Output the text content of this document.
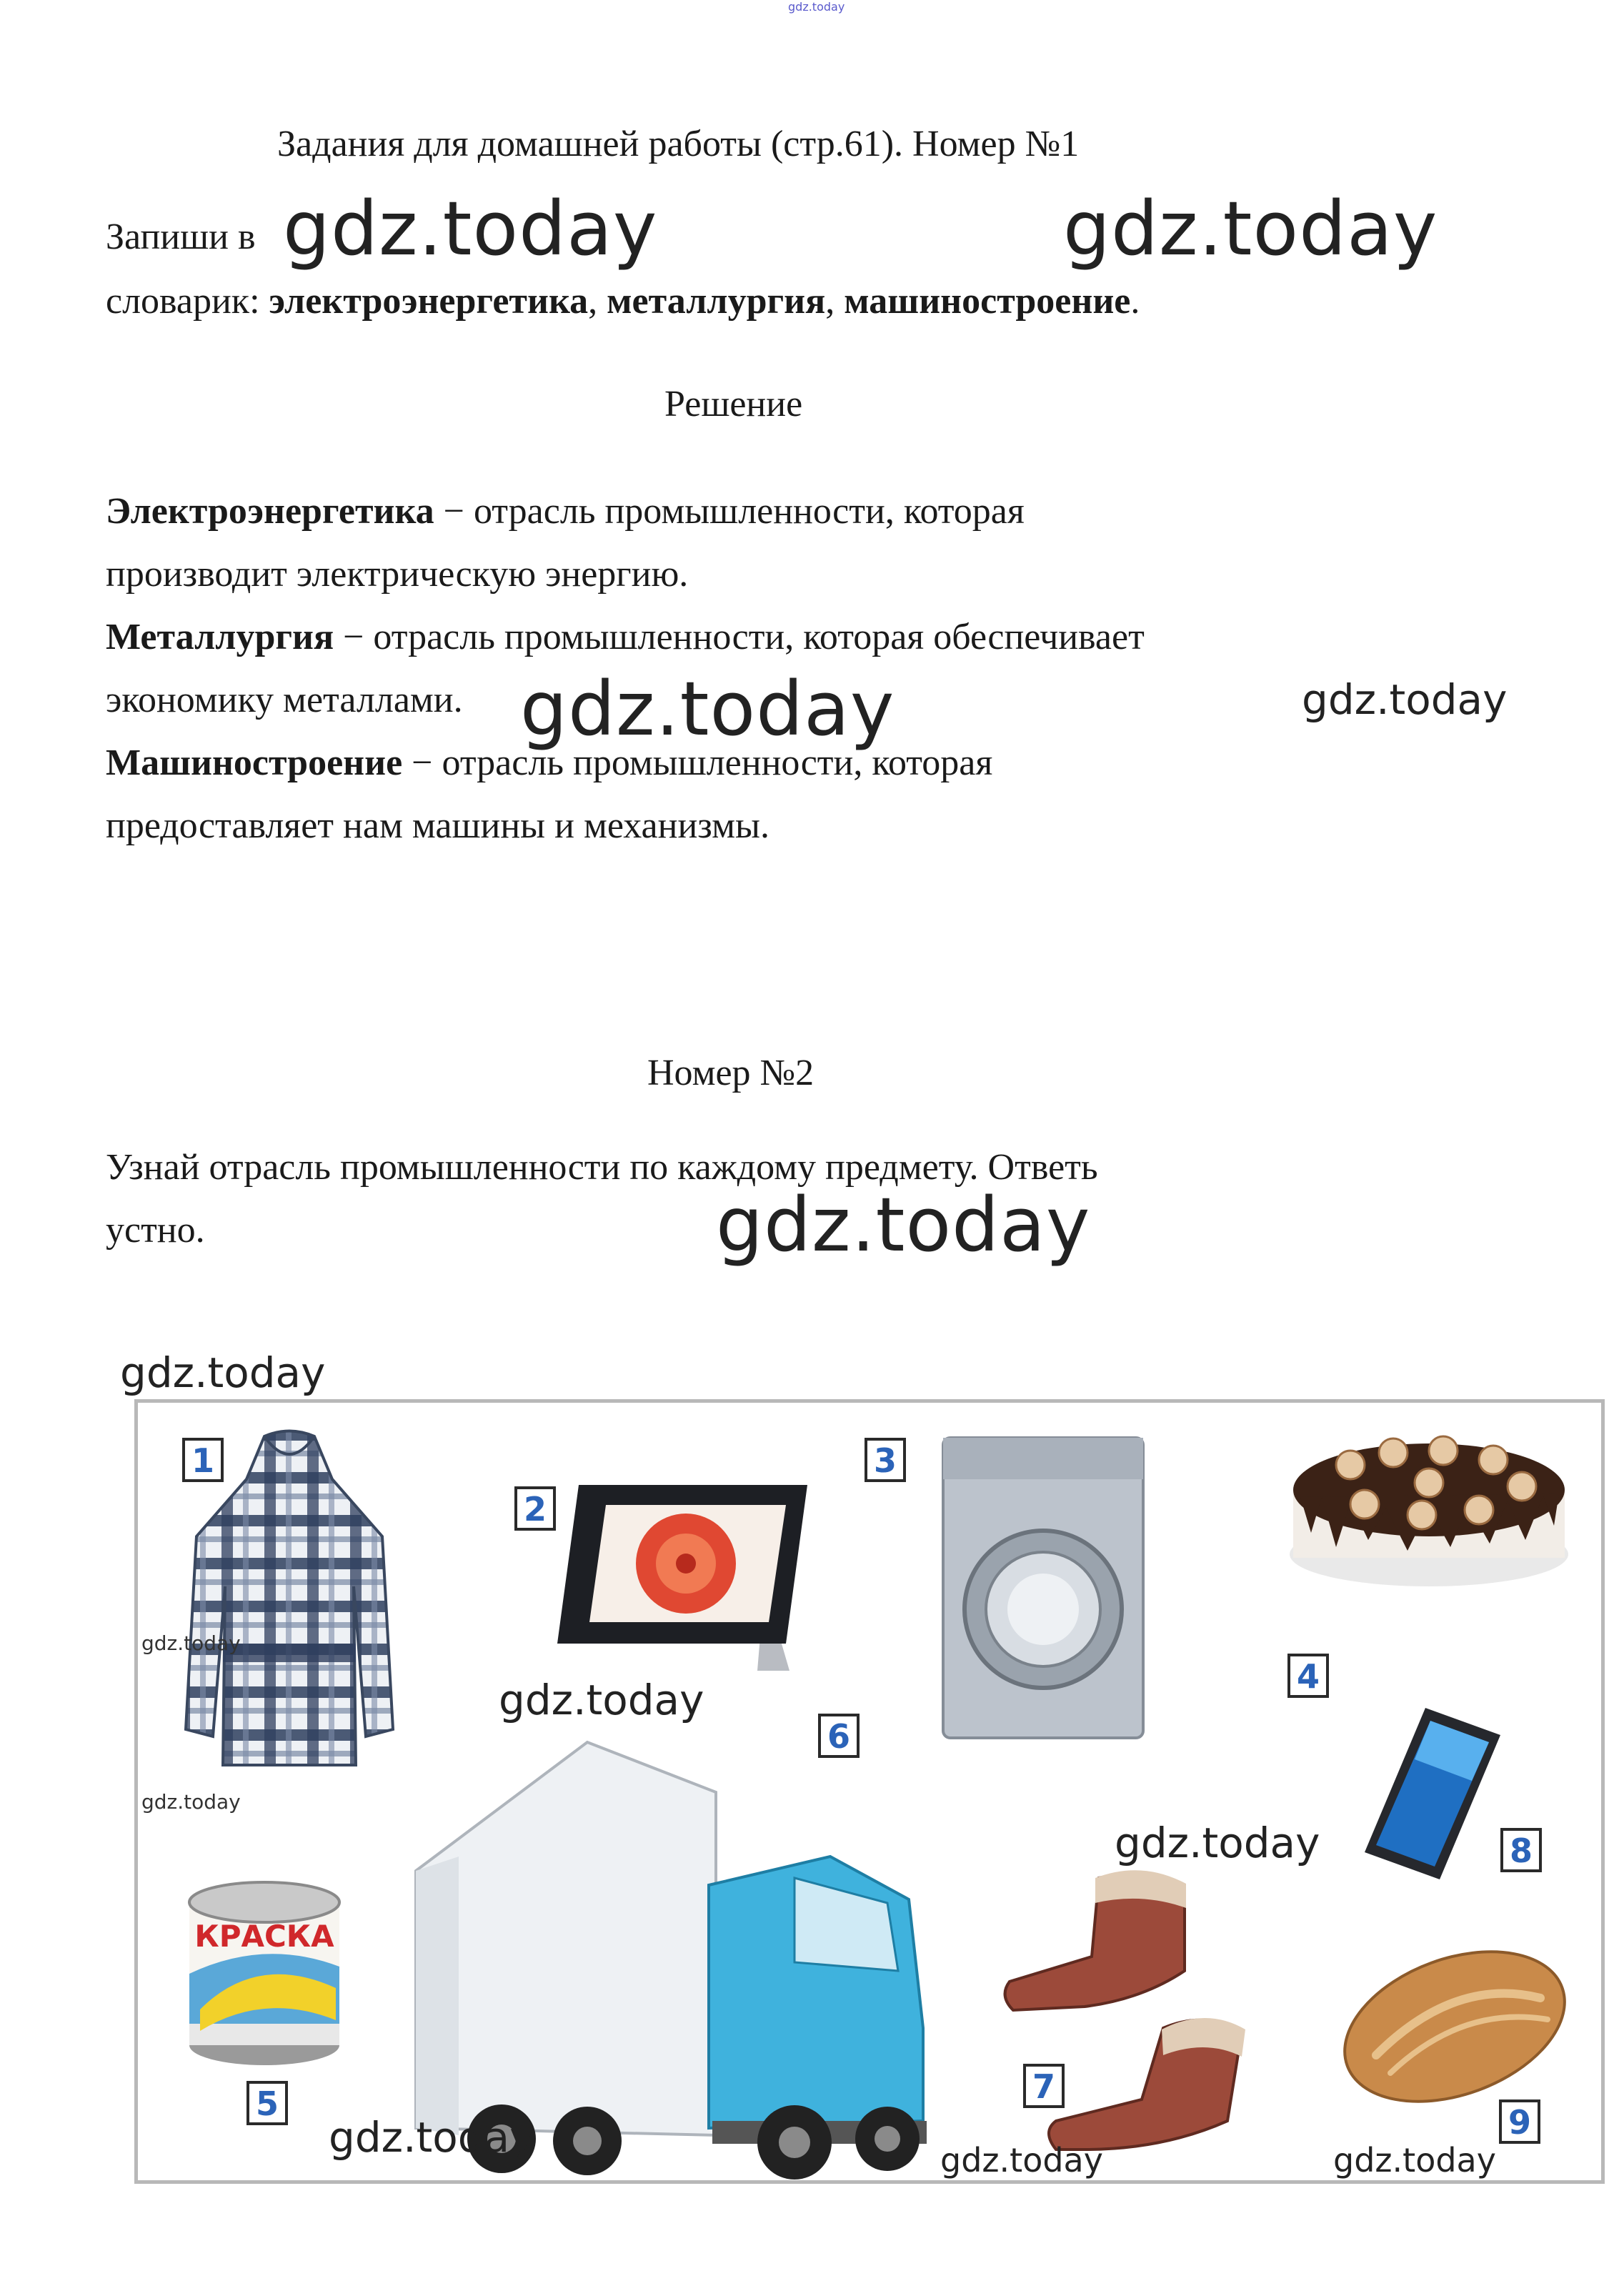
gdz.today
Задания для домашней работы (стр.61). Номер №1
Запиши в gdz.today	gdz.today
словарик: электроэнергетика, металлургия, машиностроение.
Решение
Электроэнергетика − отрасль промышленности, которая
производит электрическую энергию.
Металлургия − отрасль промышленности, которая обеспечивает
экономику металлами. gdz.today	gdz.today
Машиностроение − отрасль промышленности, которая
предоставляет нам машины и механизмы.
Номер №2
Узнай отрасль промышленности по каждому предмету. Ответь
устно.	gdz.today
gdz.today
КРАСКА
1
2
3
4
5
6
7
8
9
gdz.today
gdz.today
gdz.today
gdz.today
gdz.today	gdz.today	gdz.today
